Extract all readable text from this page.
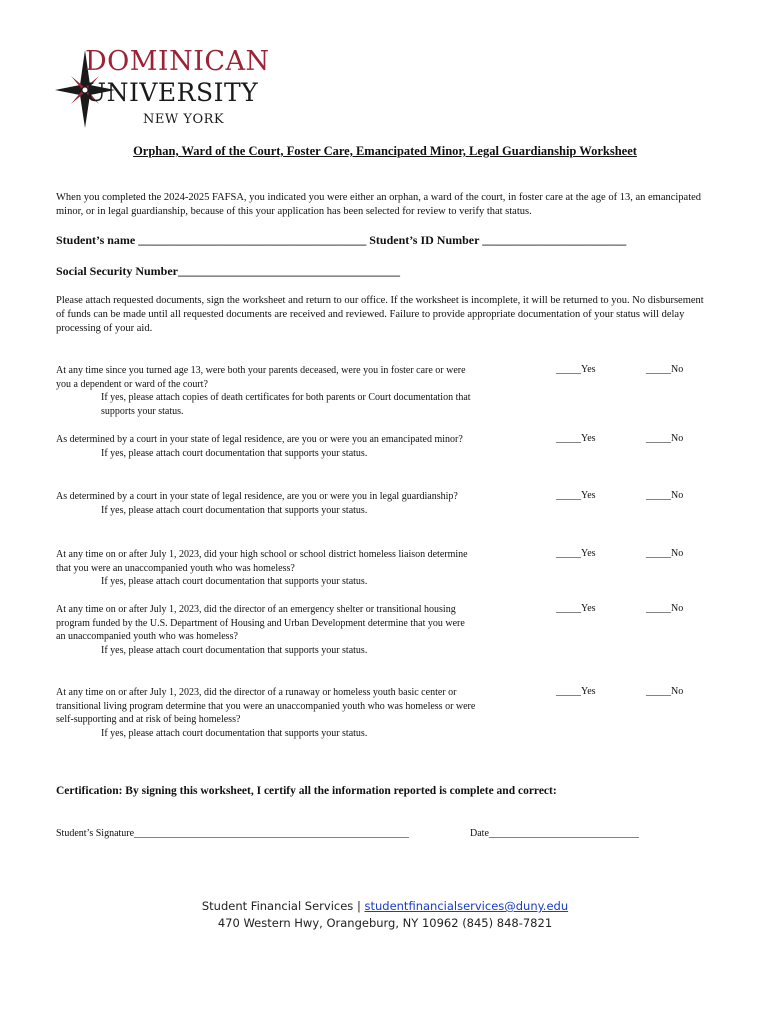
DOMINICAN
UNIVERSITY
NEW YORK
Orphan, Ward of the Court, Foster Care, Emancipated Minor, Legal Guardianship Worksheet
When you completed the 2024-2025 FAFSA, you indicated you were either an orphan, a ward of the court, in foster care at the age of 13, an emancipated minor, or in legal guardianship, because of this your application has been selected for review to verify that status.
Student’s name ______________________________________ Student’s ID Number ________________________
Social Security Number_____________________________________
Please attach requested documents, sign the worksheet and return to our office. If the worksheet is incomplete, it will be returned to you. No disbursement of funds can be made until all requested documents are received and reviewed. Failure to provide appropriate documentation of your status will delay processing of your aid.
At any time since you turned age 13, were both your parents deceased, were you in foster care or were you a dependent or ward of the court?
If yes, please attach copies of death certificates for both parents or Court documentation that supports your status.
_____Yes	_____No
As determined by a court in your state of legal residence, are you or were you an emancipated minor?
If yes, please attach court documentation that supports your status.
_____Yes	_____No
As determined by a court in your state of legal residence, are you or were you in legal guardianship?
If yes, please attach court documentation that supports your status.
_____Yes	_____No
At any time on or after July 1, 2023, did your high school or school district homeless liaison determine that you were an unaccompanied youth who was homeless?
If yes, please attach court documentation that supports your status.
_____Yes	_____No
At any time on or after July 1, 2023, did the director of an emergency shelter or transitional housing program funded by the U.S. Department of Housing and Urban Development determine that you were an unaccompanied youth who was homeless?
If yes, please attach court documentation that supports your status.
_____Yes	_____No
At any time on or after July 1, 2023, did the director of a runaway or homeless youth basic center or transitional living program determine that you were an unaccompanied youth who was homeless or were self-supporting and at risk of being homeless?
If yes, please attach court documentation that supports your status.
_____Yes	_____No
Certification: By signing this worksheet, I certify all the information reported is complete and correct:
Student’s Signature_______________________________________________________	Date______________________________
Student Financial Services | studentfinancialservices@duny.edu
470 Western Hwy, Orangeburg, NY 10962 (845) 848-7821
